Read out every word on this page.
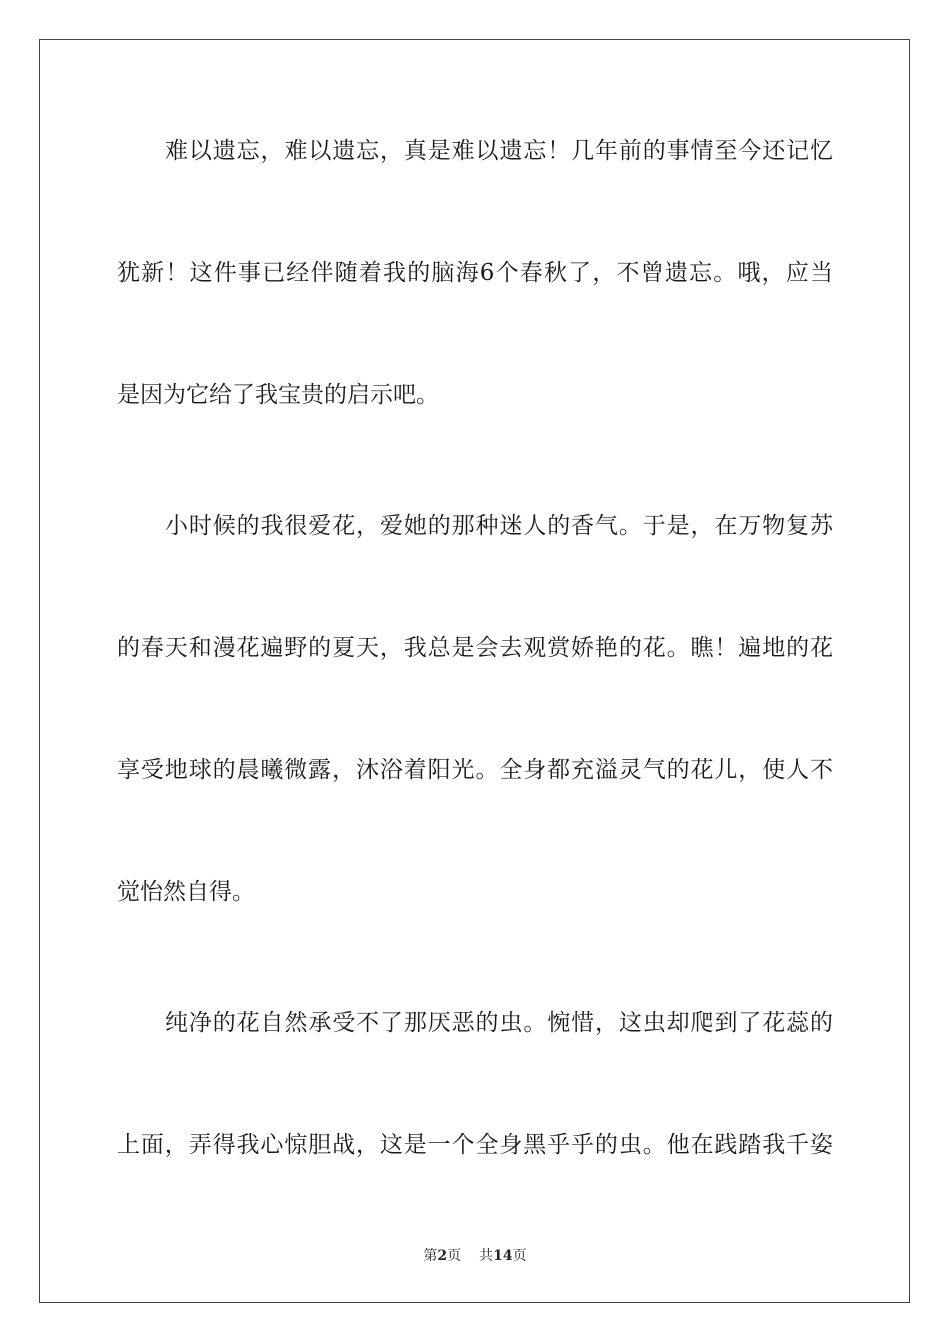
难以遗忘，难以遗忘，真是难以遗忘！几年前的事情至今还记忆
犹新！这件事已经伴随着我的脑海6个春秋了，不曾遗忘。哦，应当
是因为它给了我宝贵的启示吧。
小时候的我很爱花，爱她的那种迷人的香气。于是，在万物复苏
的春天和漫花遍野的夏天，我总是会去观赏娇艳的花。瞧！遍地的花
享受地球的晨曦微露，沐浴着阳光。全身都充溢灵气的花儿，使人不
觉怡然自得。
纯净的花自然承受不了那厌恶的虫。惋惜，这虫却爬到了花蕊的
上面，弄得我心惊胆战，这是一个全身黑乎乎的虫。他在践踏我千姿
第2页 共14页
